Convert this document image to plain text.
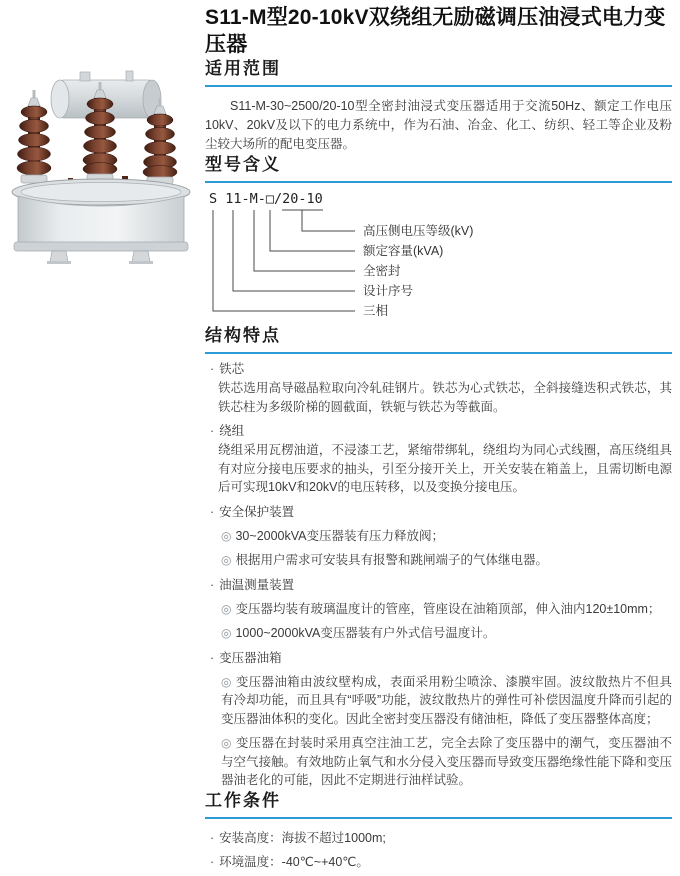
S11-M型20-10kV双绕组无励磁调压油浸式电力变压器
适用范围

S11-M-30~2500/20-10型全密封油浸式变压器适用于交流50Hz、额定工作电压10kV、20kV及以下的电力系统中，作为石油、冶金、化工、纺织、轻工等企业及粉尘较大场所的配电变压器。

型号含义
S 11-M-□/20-10
高压侧电压等级(kV)
额定容量(kVA)
全密封
设计序号
三相
结构特点

· 铁芯

铁芯选用高导磁晶粒取向冷轧硅钢片。铁芯为心式铁芯，全斜接缝迭积式铁芯，其铁芯柱为多级阶梯的圆截面，铁轭与铁芯为等截面。

· 绕组

绕组采用瓦楞油道，不浸漆工艺，紧缩带绑轧，绕组均为同心式线圈，高压绕组具有对应分接电压要求的抽头，引至分接开关上，开关安装在箱盖上，且需切断电源后可实现10kV和20kV的电压转移，以及变换分接电压。

· 安全保护装置

◎ 30~2000kVA变压器装有压力释放阀；

◎ 根据用户需求可安装具有报警和跳闸端子的气体继电器。

· 油温测量装置

◎ 变压器均装有玻璃温度计的管座，管座设在油箱顶部，伸入油内120±10mm；

◎ 1000~2000kVA变压器装有户外式信号温度计。

· 变压器油箱

◎ 变压器油箱由波纹壁构成，表面采用粉尘喷涂、漆膜牢固。波纹散热片不但具有冷却功能，而且具有“呼吸”功能，波纹散热片的弹性可补偿因温度升降而引起的变压器油体积的变化。因此全密封变压器没有储油柜，降低了变压器整体高度；

◎ 变压器在封装时采用真空注油工艺，完全去除了变压器中的潮气，变压器油不与空气接触。有效地防止氧气和水分侵入变压器而导致变压器绝缘性能下降和变压器油老化的可能，因此不定期进行油样试验。

工作条件

· 安装高度：海拔不超过1000m;

· 环境温度：-40℃~+40℃。
